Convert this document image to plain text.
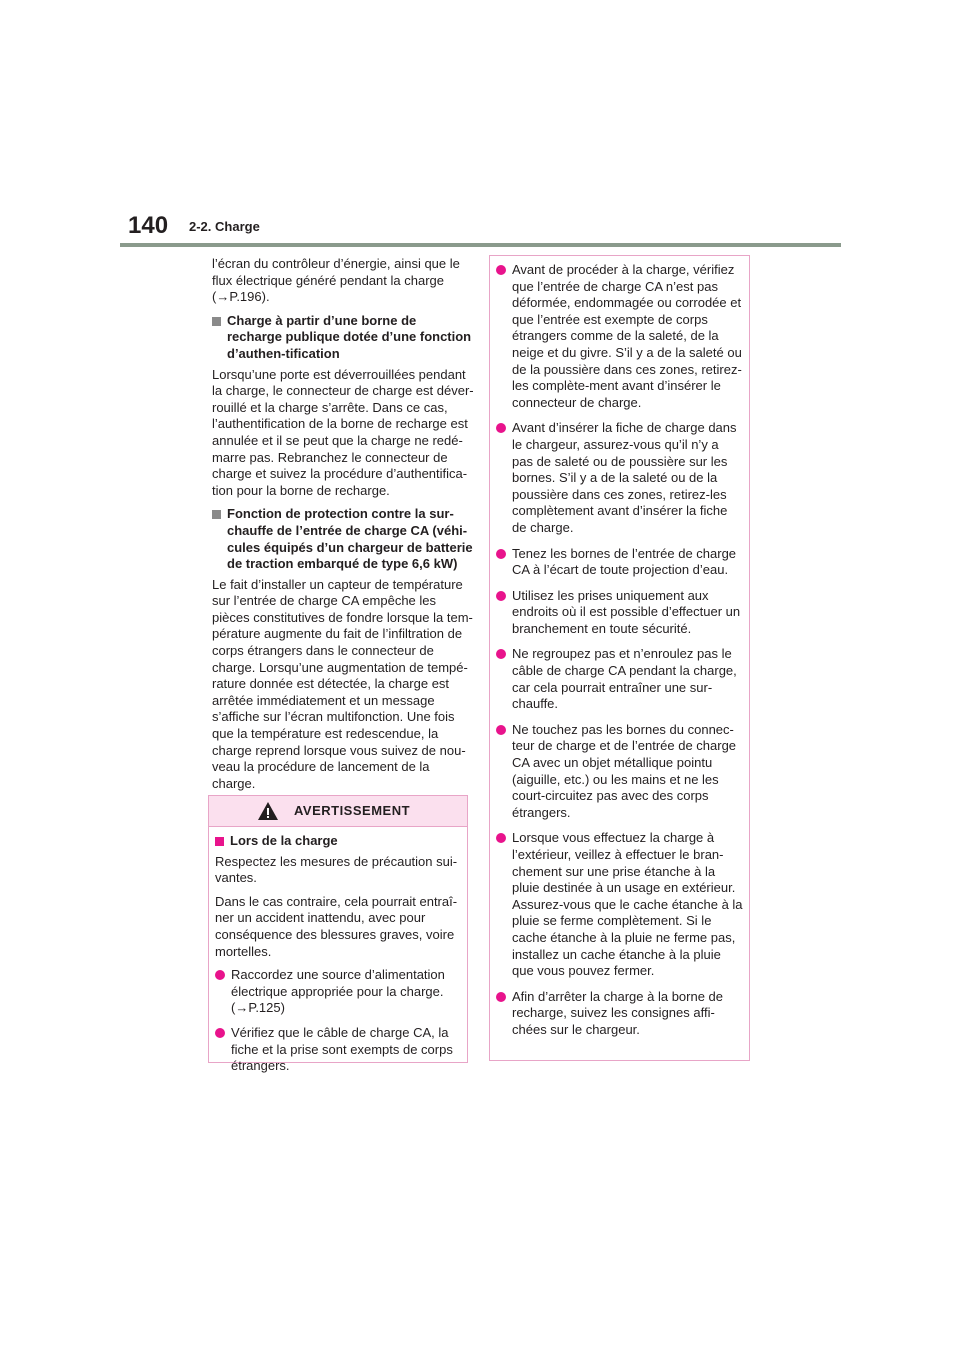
140 2-2. Charge

l’écran du contrôleur d’énergie, ainsi que le flux électrique généré pendant la charge (→P.196).

Charge à partir d’une borne de recharge publique dotée d’une fonction d’authen-tification

Lorsqu’une porte est déverrouillées pendant la charge, le connecteur de charge est déver-rouillé et la charge s’arrête. Dans ce cas, l’authentification de la borne de recharge est annulée et il se peut que la charge ne redé-marre pas. Rebranchez le connecteur de charge et suivez la procédure d’authentifica-tion pour la borne de recharge.

Fonction de protection contre la sur-chauffe de l’entrée de charge CA (véhi-cules équipés d’un chargeur de batterie de traction embarqué de type 6,6 kW)

Le fait d’installer un capteur de température sur l’entrée de charge CA empêche les pièces constitutives de fondre lorsque la tem-pérature augmente du fait de l’infiltration de corps étrangers dans le connecteur de charge. Lorsqu’une augmentation de tempé-rature donnée est détectée, la charge est arrêtée immédiatement et un message s’affiche sur l’écran multifonction. Une fois que la température est redescendue, la charge reprend lorsque vous suivez de nou-veau la procédure de lancement de la charge.

AVERTISSEMENT
Lors de la charge

Respectez les mesures de précaution sui-vantes.

Dans le cas contraire, cela pourrait entraî-ner un accident inattendu, avec pour conséquence des blessures graves, voire mortelles.

Raccordez une source d’alimentation électrique appropriée pour la charge. (→P.125)
Vérifiez que le câble de charge CA, la fiche et la prise sont exempts de corps étrangers.
Avant de procéder à la charge, vérifiez que l’entrée de charge CA n’est pas déformée, endommagée ou corrodée et que l’entrée est exempte de corps étrangers comme de la saleté, de la neige et du givre. S’il y a de la saleté ou de la poussière dans ces zones, retirez-les complète-ment avant d’insérer le connecteur de charge.
Avant d’insérer la fiche de charge dans le chargeur, assurez-vous qu’il n’y a pas de saleté ou de poussière sur les bornes. S’il y a de la saleté ou de la poussière dans ces zones, retirez-les complètement avant d’insérer la fiche de charge.
Tenez les bornes de l’entrée de charge CA à l’écart de toute projection d’eau.
Utilisez les prises uniquement aux endroits où il est possible d’effectuer un branchement en toute sécurité.
Ne regroupez pas et n’enroulez pas le câble de charge CA pendant la charge, car cela pourrait entraîner une sur-chauffe.
Ne touchez pas les bornes du connec-teur de charge et de l’entrée de charge CA avec un objet métallique pointu (aiguille, etc.) ou les mains et ne les court-circuitez pas avec des corps étrangers.
Lorsque vous effectuez la charge à l’extérieur, veillez à effectuer le bran-chement sur une prise étanche à la pluie destinée à un usage en extérieur. Assurez-vous que le cache étanche à la pluie se ferme complètement. Si le cache étanche à la pluie ne ferme pas, installez un cache étanche à la pluie que vous pouvez fermer.
Afin d’arrêter la charge à la borne de recharge, suivez les consignes affi-chées sur le chargeur.
